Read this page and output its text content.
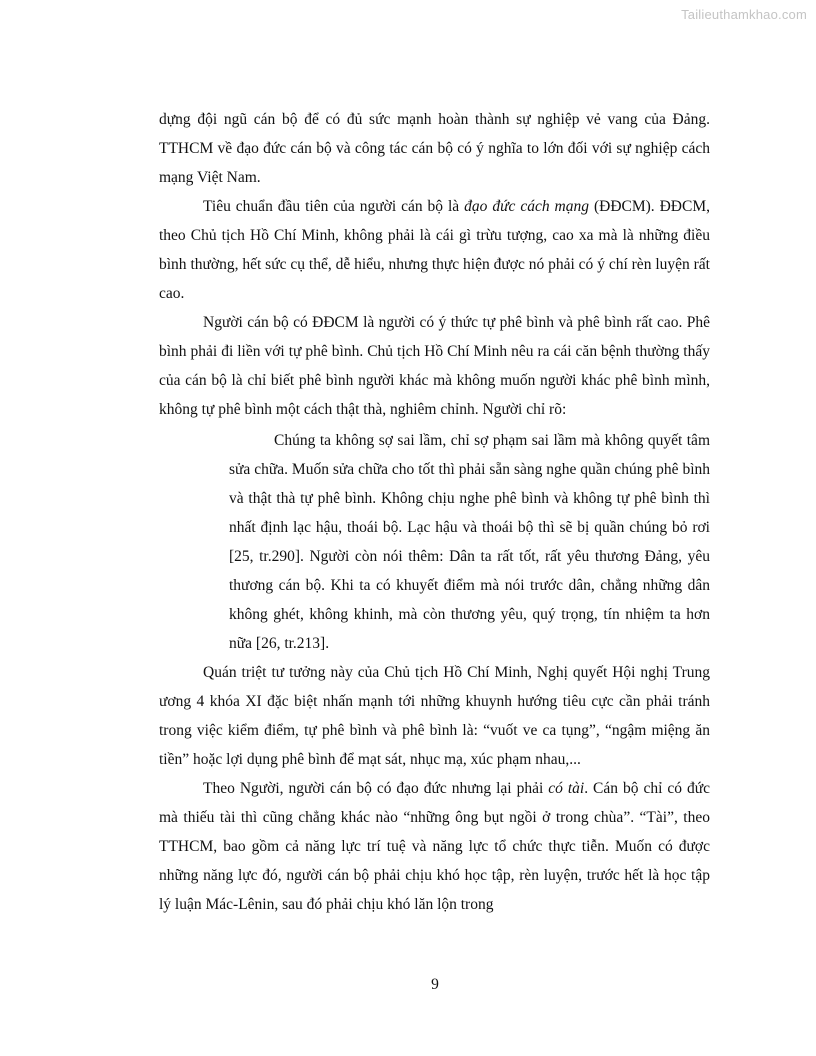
Tailieuthamkhao.com

dựng đội ngũ cán bộ để có đủ sức mạnh hoàn thành sự nghiệp vẻ vang của Đảng. TTHCM về đạo đức cán bộ và công tác cán bộ có ý nghĩa to lớn đối với sự nghiệp cách mạng Việt Nam.

Tiêu chuẩn đầu tiên của người cán bộ là đạo đức cách mạng (ĐĐCM). ĐĐCM, theo Chủ tịch Hồ Chí Minh, không phải là cái gì trừu tượng, cao xa mà là những điều bình thường, hết sức cụ thể, dễ hiểu, nhưng thực hiện được nó phải có ý chí rèn luyện rất cao.

Người cán bộ có ĐĐCM là người có ý thức tự phê bình và phê bình rất cao. Phê bình phải đi liền với tự phê bình. Chủ tịch Hồ Chí Minh nêu ra cái căn bệnh thường thấy của cán bộ là chỉ biết phê bình người khác mà không muốn người khác phê bình mình, không tự phê bình một cách thật thà, nghiêm chỉnh. Người chỉ rõ:

Chúng ta không sợ sai lầm, chỉ sợ phạm sai lầm mà không quyết tâm sửa chữa. Muốn sửa chữa cho tốt thì phải sẵn sàng nghe quần chúng phê bình và thật thà tự phê bình. Không chịu nghe phê bình và không tự phê bình thì nhất định lạc hậu, thoái bộ. Lạc hậu và thoái bộ thì sẽ bị quần chúng bỏ rơi [25, tr.290]. Người còn nói thêm: Dân ta rất tốt, rất yêu thương Đảng, yêu thương cán bộ. Khi ta có khuyết điểm mà nói trước dân, chẳng những dân không ghét, không khinh, mà còn thương yêu, quý trọng, tín nhiệm ta hơn nữa [26, tr.213].

Quán triệt tư tưởng này của Chủ tịch Hồ Chí Minh, Nghị quyết Hội nghị Trung ương 4 khóa XI đặc biệt nhấn mạnh tới những khuynh hướng tiêu cực cần phải tránh trong việc kiểm điểm, tự phê bình và phê bình là: “vuốt ve ca tụng”, “ngậm miệng ăn tiền” hoặc lợi dụng phê bình để mạt sát, nhục mạ, xúc phạm nhau,...

Theo Người, người cán bộ có đạo đức nhưng lại phải có tài. Cán bộ chỉ có đức mà thiếu tài thì cũng chẳng khác nào “những ông bụt ngồi ở trong chùa”. “Tài”, theo TTHCM, bao gồm cả năng lực trí tuệ và năng lực tổ chức thực tiễn. Muốn có được những năng lực đó, người cán bộ phải chịu khó học tập, rèn luyện, trước hết là học tập lý luận Mác-Lênin, sau đó phải chịu khó lăn lộn trong

9
